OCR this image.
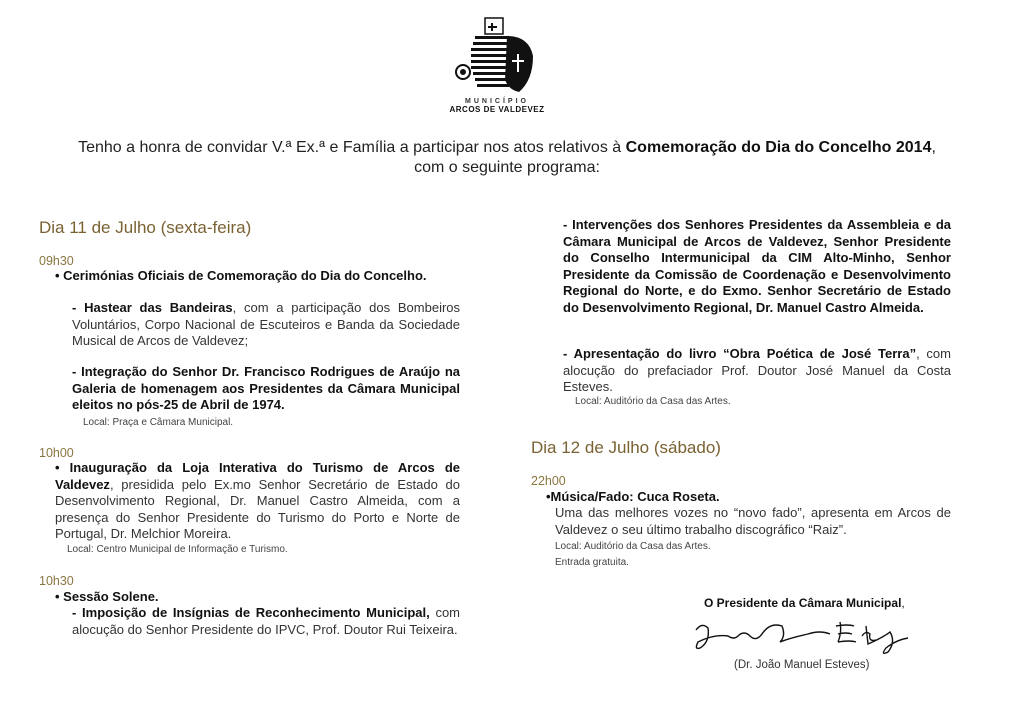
MUNICÍPIO
ARCOS DE VALDEVEZ
Tenho a honra de convidar V.ª Ex.ª e Família a participar nos atos relativos à Comemoração do Dia do Concelho 2014,
com o seguinte programa:
Dia 11 de Julho (sexta-feira)
09h30
• Cerimónias Oficiais de Comemoração do Dia do Concelho.
- Hastear das Bandeiras, com a participação dos Bombeiros Voluntários, Corpo Nacional de Escuteiros e Banda da Sociedade Musical de Arcos de Valdevez;
- Integração do Senhor Dr. Francisco Rodrigues de Araújo na Galeria de homenagem aos Presidentes da Câmara Municipal eleitos no pós-25 de Abril de 1974.
Local: Praça e Câmara Municipal.
10h00
• Inauguração da Loja Interativa do Turismo de Arcos de Valdevez, presidida pelo Ex.mo Senhor Secretário de Estado do Desenvolvimento Regional, Dr. Manuel Castro Almeida, com a presença do Senhor Presidente do Turismo do Porto e Norte de Portugal, Dr. Melchior Moreira.
Local: Centro Municipal de Informação e Turismo.
10h30
• Sessão Solene.
- Imposição de Insígnias de Reconhecimento Municipal, com alocução do Senhor Presidente do IPVC, Prof. Doutor Rui Teixeira.
- Intervenções dos Senhores Presidentes da Assembleia e da Câmara Municipal de Arcos de Valdevez, Senhor Presidente do Conselho Intermunicipal da CIM Alto-Minho, Senhor Presidente da Comissão de Coordenação e Desenvolvimento Regional do Norte, e do Exmo. Senhor Secretário de Estado do Desenvolvimento Regional, Dr. Manuel Castro Almeida.
- Apresentação do livro “Obra Poética de José Terra”, com alocução do prefaciador Prof. Doutor José Manuel da Costa Esteves.
Local: Auditório da Casa das Artes.
Dia 12 de Julho (sábado)
22h00
•Música/Fado: Cuca Roseta.
Uma das melhores vozes no “novo fado”, apresenta em Arcos de Valdevez o seu último trabalho discográfico “Raiz”.
Local: Auditório da Casa das Artes.
Entrada gratuita.
O Presidente da Câmara Municipal,
(Dr. João Manuel Esteves)
